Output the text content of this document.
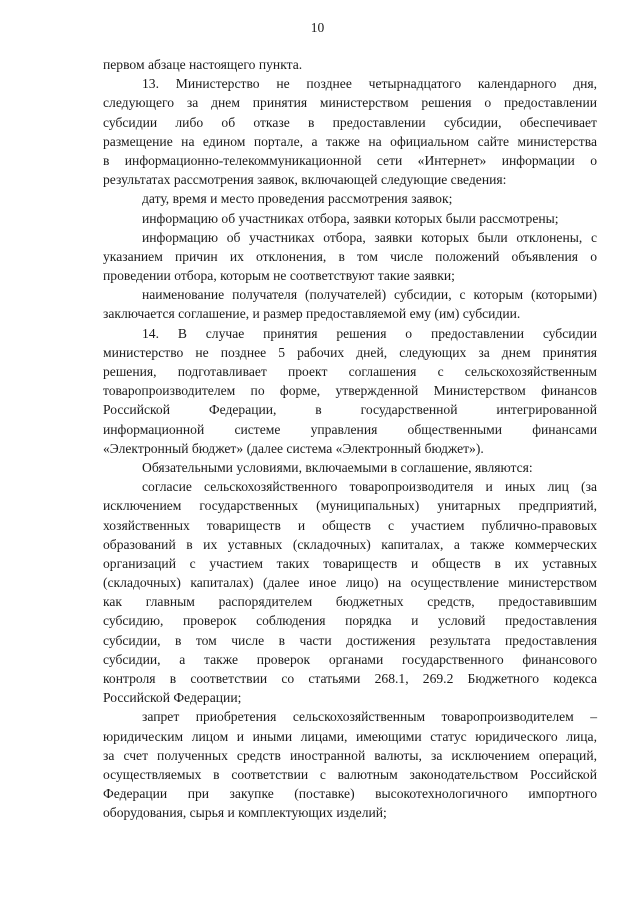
10
первом абзаце настоящего пункта.
13. Министерство не позднее четырнадцатого календарного дня,
следующего за днем принятия министерством решения о предоставлении
субсидии либо об отказе в предоставлении субсидии, обеспечивает
размещение на едином портале, а также на официальном сайте министерства
в информационно-телекоммуникационной сети «Интернет» информации о
результатах рассмотрения заявок, включающей следующие сведения:
дату, время и место проведения рассмотрения заявок;
информацию об участниках отбора, заявки которых были рассмотрены;
информацию об участниках отбора, заявки которых были отклонены, с
указанием причин их отклонения, в том числе положений объявления о
проведении отбора, которым не соответствуют такие заявки;
наименование получателя (получателей) субсидии, с которым (которыми)
заключается соглашение, и размер предоставляемой ему (им) субсидии.
14. В случае принятия решения о предоставлении субсидии
министерство не позднее 5 рабочих дней, следующих за днем принятия
решения, подготавливает проект соглашения с сельскохозяйственным
товаропроизводителем по форме, утвержденной Министерством финансов
Российской Федерации, в государственной интегрированной
информационной системе управления общественными финансами
«Электронный бюджет» (далее система «Электронный бюджет»).
Обязательными условиями, включаемыми в соглашение, являются:
согласие сельскохозяйственного товаропроизводителя и иных лиц (за
исключением государственных (муниципальных) унитарных предприятий,
хозяйственных товариществ и обществ с участием публично-правовых
образований в их уставных (складочных) капиталах, а также коммерческих
организаций с участием таких товариществ и обществ в их уставных
(складочных) капиталах) (далее иное лицо) на осуществление министерством
как главным распорядителем бюджетных средств, предоставившим
субсидию, проверок соблюдения порядка и условий предоставления
субсидии, в том числе в части достижения результата предоставления
субсидии, а также проверок органами государственного финансового
контроля в соответствии со статьями 268.1, 269.2 Бюджетного кодекса
Российской Федерации;
запрет приобретения сельскохозяйственным товаропроизводителем –
юридическим лицом и иными лицами, имеющими статус юридического лица,
за счет полученных средств иностранной валюты, за исключением операций,
осуществляемых в соответствии с валютным законодательством Российской
Федерации при закупке (поставке) высокотехнологичного импортного
оборудования, сырья и комплектующих изделий;
